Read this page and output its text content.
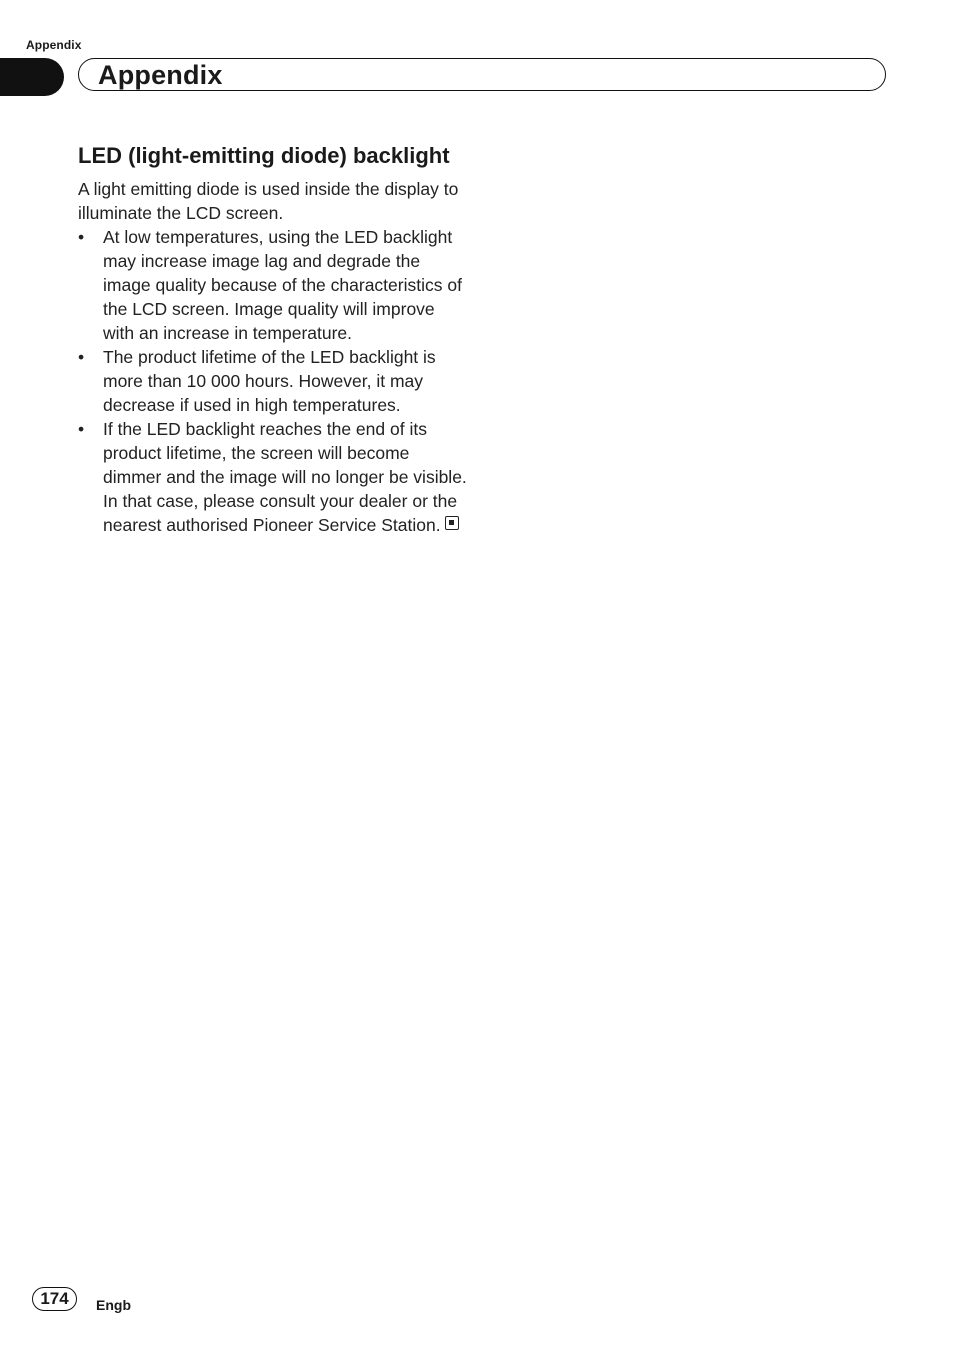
Appendix
Appendix
LED (light-emitting diode) backlight

A light emitting diode is used inside the display to illuminate the LCD screen.

• At low temperatures, using the LED backlight may increase image lag and degrade the image quality because of the characteristics of the LCD screen. Image quality will improve with an increase in temperature.
• The product lifetime of the LED backlight is more than 10 000 hours. However, it may decrease if used in high temperatures.
• If the LED backlight reaches the end of its product lifetime, the screen will become dimmer and the image will no longer be visible. In that case, please consult your dealer or the nearest authorised Pioneer Service Station.
174	Engb
